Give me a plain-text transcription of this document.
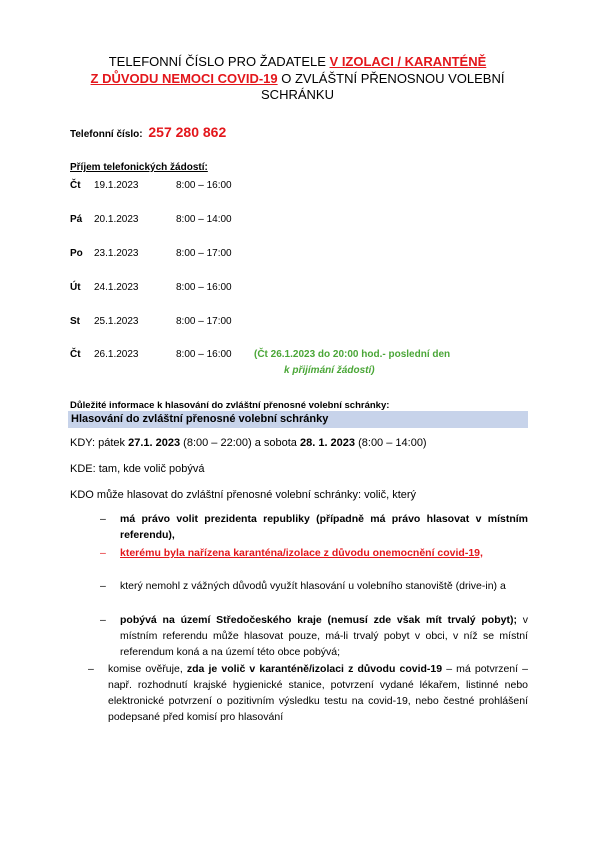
TELEFONNÍ ČÍSLO PRO ŽADATELE V IZOLACI / KARANTÉNĚ
Z DŮVODU NEMOCI COVID-19 O ZVLÁŠTNÍ PŘENOSNOU VOLEBNÍ SCHRÁNKU
Telefonní číslo: 257 280 862
Příjem telefonických žádostí:
Čt 19.1.2023	8:00 – 16:00
Pá 20.1.2023	8:00 – 14:00
Po 23.1.2023	8:00 – 17:00
Út 24.1.2023	8:00 – 16:00
St 25.1.2023	8:00 – 17:00
Čt 26.1.2023	8:00 – 16:00 (Čt 26.1.2023 do 20:00 hod.- poslední den
k přijímání žádostí)
Důležité informace k hlasování do zvláštní přenosné volební schránky:
Hlasování do zvláštní přenosné volební schránky
KDY: pátek 27.1. 2023 (8:00 – 22:00) a sobota 28. 1. 2023 (8:00 – 14:00)
KDE: tam, kde volič pobývá
KDO může hlasovat do zvláštní přenosné volební schránky: volič, který
– má právo volit prezidenta republiky (případně má právo hlasovat v místním referendu),
– kterému byla nařízena karanténa/izolace z důvodu onemocnění covid-19,
– který nemohl z vážných důvodů využít hlasování u volebního stanoviště (drive-in) a
– pobývá na území Středočeského kraje (nemusí zde však mít trvalý pobyt); v místním referendu může hlasovat pouze, má-li trvalý pobyt v obci, v níž se místní referendum koná a na území této obce pobývá;
– komise ověřuje, zda je volič v karanténě/izolaci z důvodu covid-19 – má potvrzení – např. rozhodnutí krajské hygienické stanice, potvrzení vydané lékařem, listinné nebo elektronické potvrzení o pozitivním výsledku testu na covid-19, nebo čestné prohlášení podepsané před komisí pro hlasování
